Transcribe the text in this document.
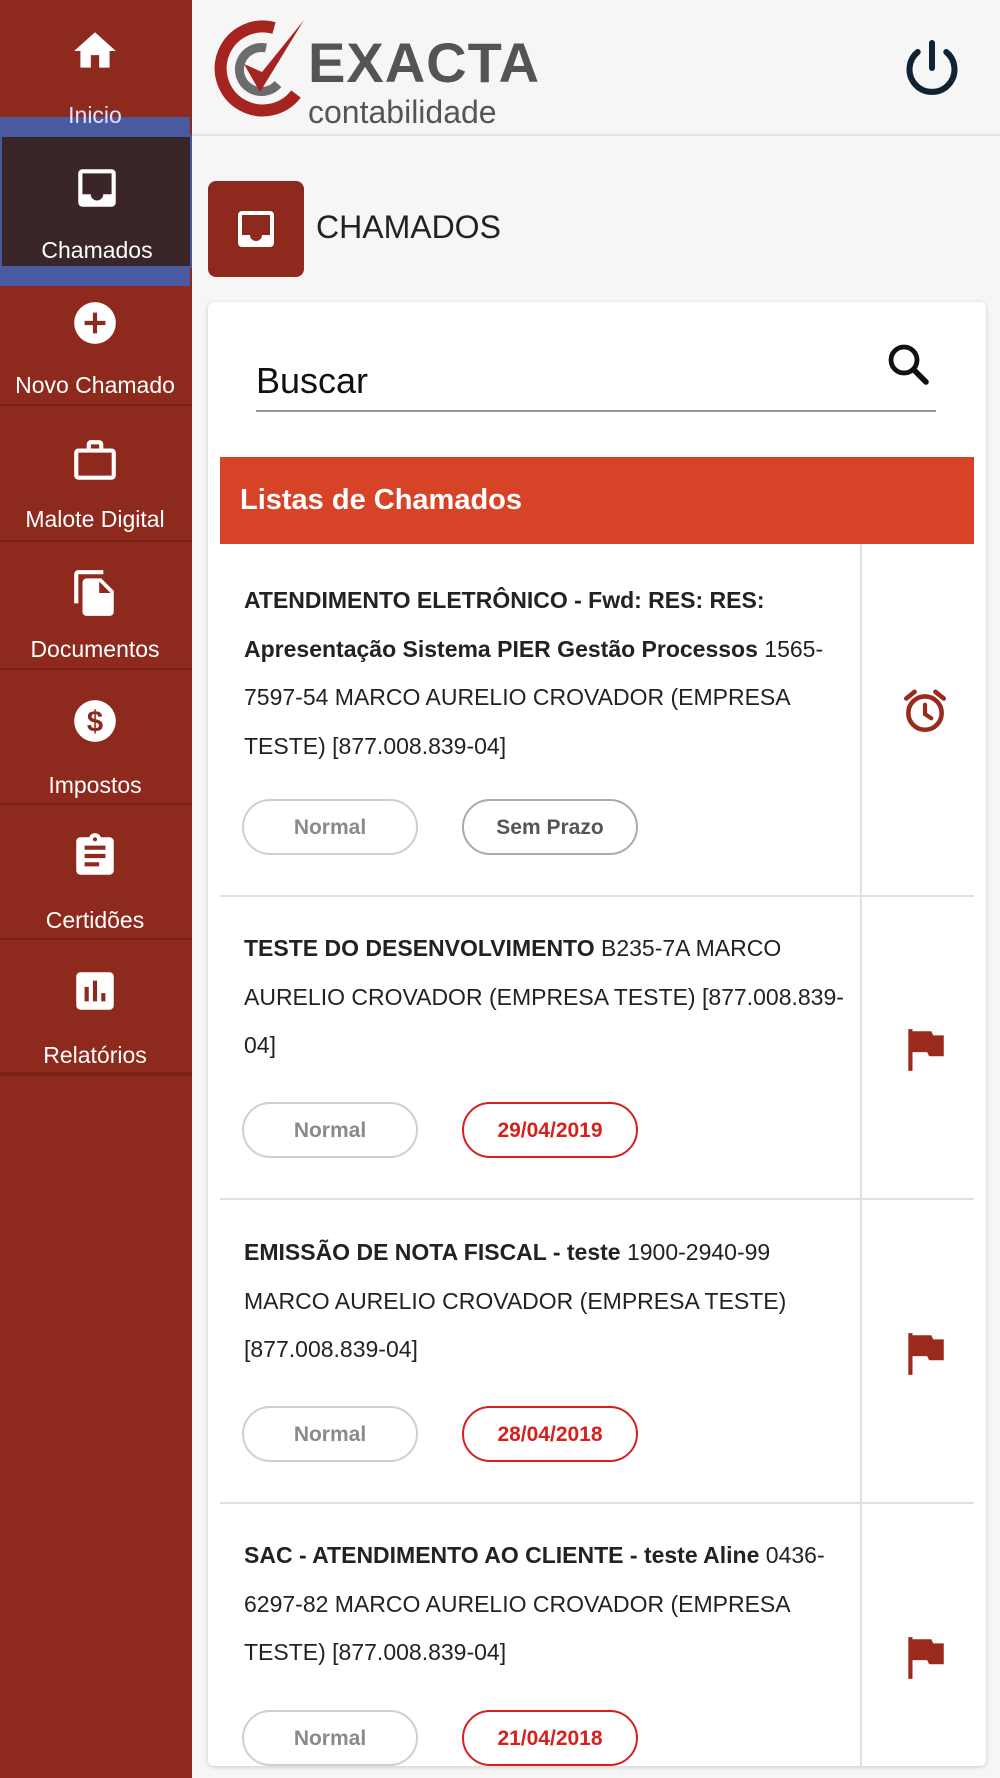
Inicio
Chamados
Novo Chamado
Malote Digital
Documentos
$
Impostos
Certidões
Relatórios
EXACTA
contabilidade
CHAMADOS
Buscar
Listas de Chamados
ATENDIMENTO ELETRÔNICO - Fwd: RES: RES: Apresentação Sistema PIER Gestão Processos 1565-7597-54 MARCO AURELIO CROVADOR (EMPRESA TESTE) [877.008.839-04]
Normal	Sem Prazo
TESTE DO DESENVOLVIMENTO B235-7A MARCO AURELIO CROVADOR (EMPRESA TESTE) [877.008.839-04]
Normal	29/04/2019
EMISSÃO DE NOTA FISCAL - teste 1900-2940-99 MARCO AURELIO CROVADOR (EMPRESA TESTE) [877.008.839-04]
Normal	28/04/2018
SAC - ATENDIMENTO AO CLIENTE - teste Aline 0436-6297-82 MARCO AURELIO CROVADOR (EMPRESA TESTE) [877.008.839-04]
Normal	21/04/2018
